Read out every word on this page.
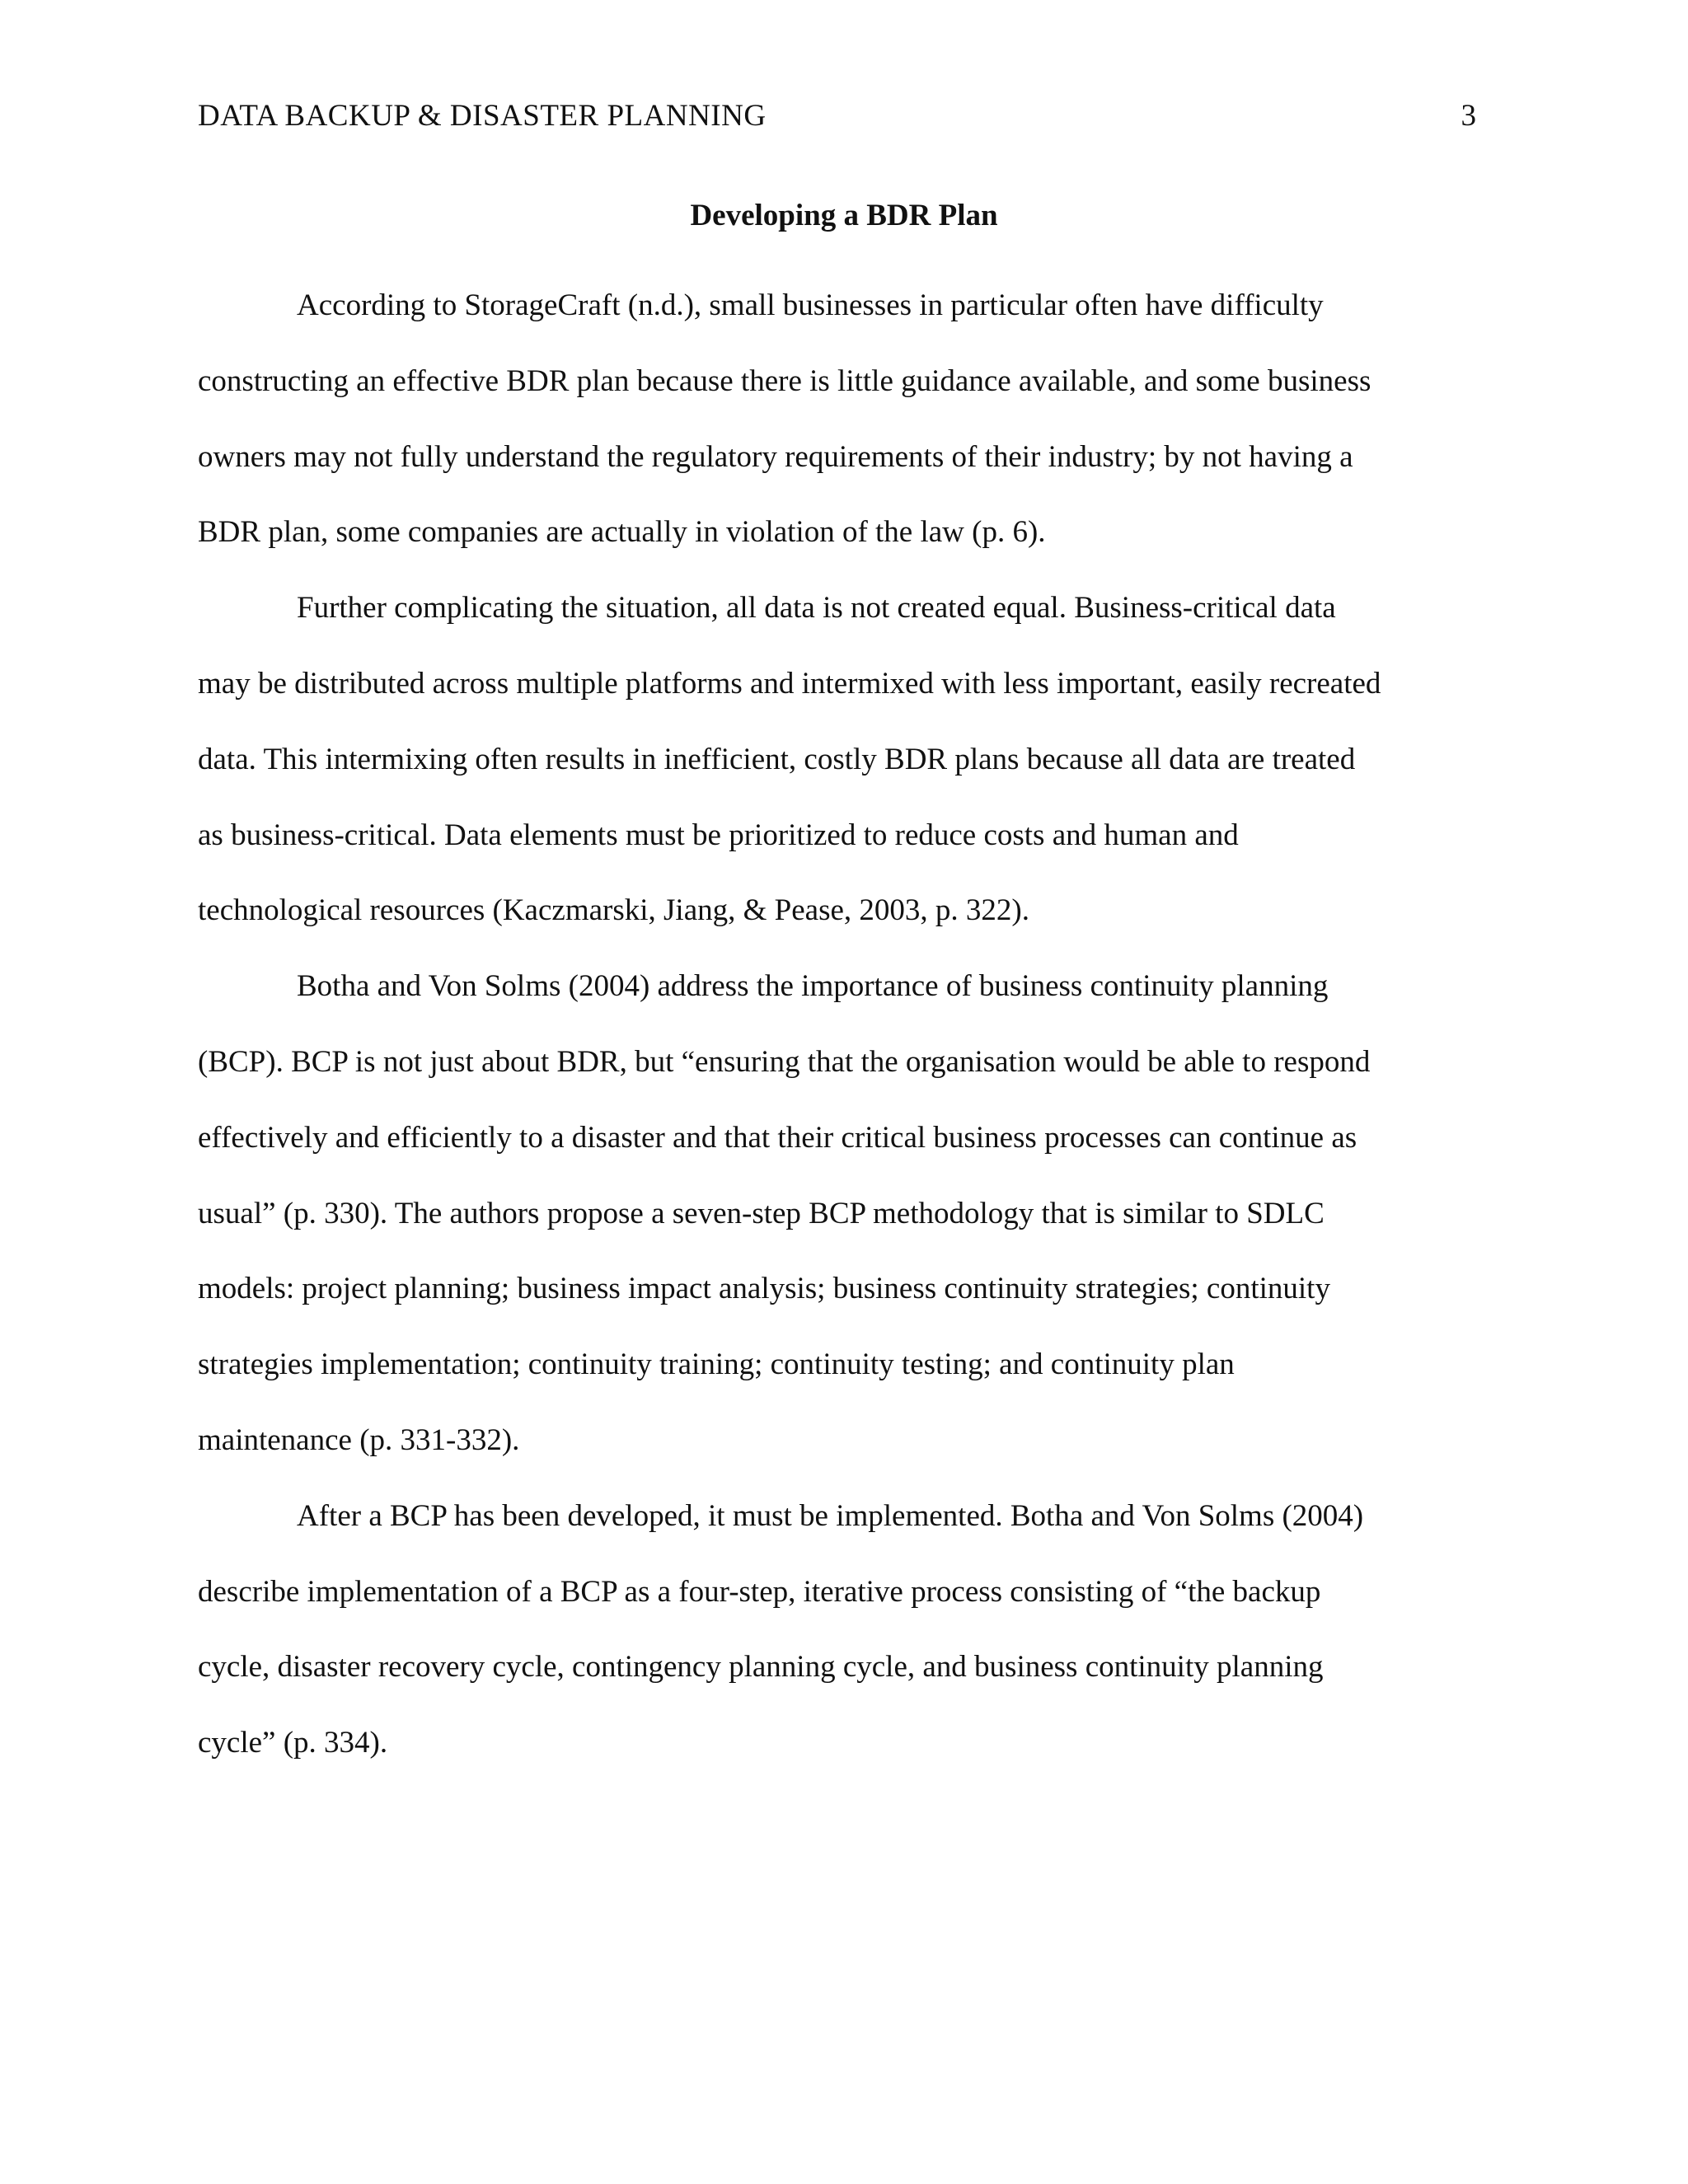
DATA BACKUP & DISASTER PLANNING	3
Developing a BDR Plan
According to StorageCraft (n.d.), small businesses in particular often have difficulty
constructing an effective BDR plan because there is little guidance available, and some business
owners may not fully understand the regulatory requirements of their industry; by not having a
BDR plan, some companies are actually in violation of the law (p. 6).
Further complicating the situation, all data is not created equal. Business-critical data
may be distributed across multiple platforms and intermixed with less important, easily recreated
data. This intermixing often results in inefficient, costly BDR plans because all data are treated
as business-critical. Data elements must be prioritized to reduce costs and human and
technological resources (Kaczmarski, Jiang, & Pease, 2003, p. 322).
Botha and Von Solms (2004) address the importance of business continuity planning
(BCP). BCP is not just about BDR, but “ensuring that the organisation would be able to respond
effectively and efficiently to a disaster and that their critical business processes can continue as
usual” (p. 330). The authors propose a seven-step BCP methodology that is similar to SDLC
models: project planning; business impact analysis; business continuity strategies; continuity
strategies implementation; continuity training; continuity testing; and continuity plan
maintenance (p. 331-332).
After a BCP has been developed, it must be implemented. Botha and Von Solms (2004)
describe implementation of a BCP as a four-step, iterative process consisting of “the backup
cycle, disaster recovery cycle, contingency planning cycle, and business continuity planning
cycle” (p. 334).
